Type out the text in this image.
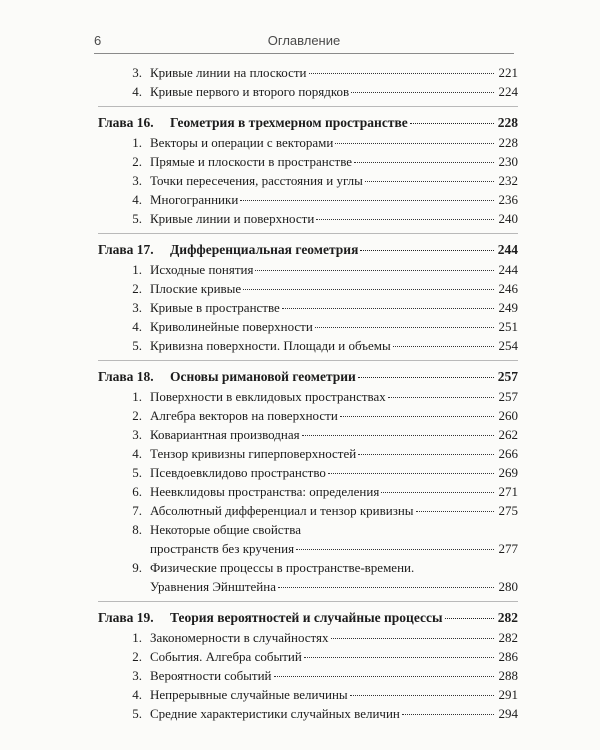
6	Оглавление
3. Кривые линии на плоскости	221
4. Кривые первого и второго порядков	224
Глава 16.	Геометрия в трехмерном пространстве	228
1. Векторы и операции с векторами	228
2. Прямые и плоскости в пространстве	230
3. Точки пересечения, расстояния и углы	232
4. Многогранники	236
5. Кривые линии и поверхности	240
Глава 17.	Дифференциальная геометрия	244
1. Исходные понятия	244
2. Плоские кривые	246
3. Кривые в пространстве	249
4. Криволинейные поверхности	251
5. Кривизна поверхности. Площади и объемы	254
Глава 18.	Основы римановой геометрии	257
1. Поверхности в евклидовых пространствах	257
2. Алгебра векторов на поверхности	260
3. Ковариантная производная	262
4. Тензор кривизны гиперповерхностей	266
5. Псевдоевклидово пространство	269
6. Неевклидовы пространства: определения	271
7. Абсолютный дифференциал и тензор кривизны	275
8. Некоторые общие свойства
пространств без кручения	277
9. Физические процессы в пространстве-времени.
Уравнения Эйнштейна	280
Глава 19.	Теория вероятностей и случайные процессы	282
1. Закономерности в случайностях	282
2. События. Алгебра событий	286
3. Вероятности событий	288
4. Непрерывные случайные величины	291
5. Средние характеристики случайных величин	294
